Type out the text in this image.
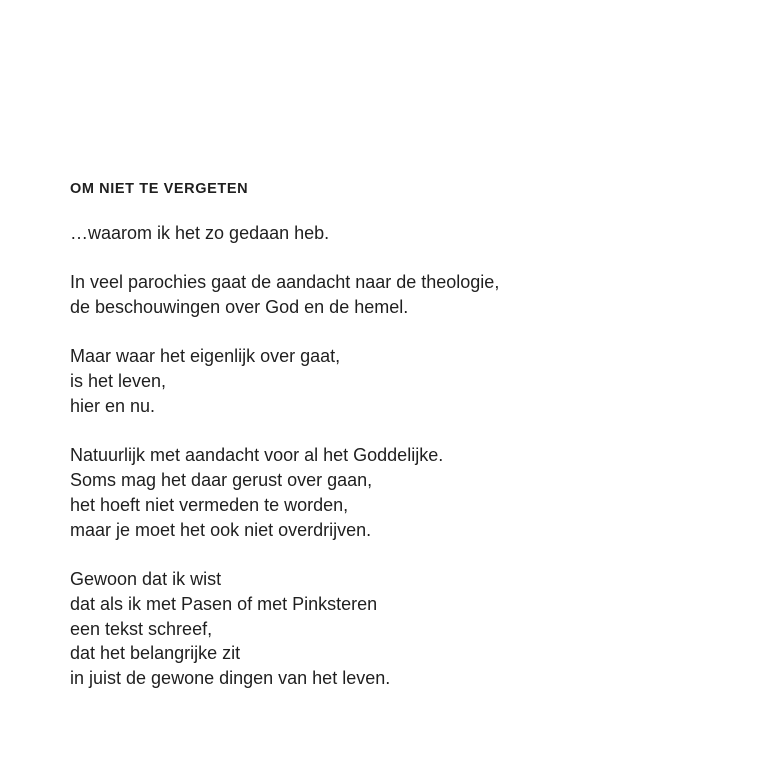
OM NIET TE VERGETEN
…waarom ik het zo gedaan heb.
In veel parochies gaat de aandacht naar de theologie,
de beschouwingen over God en de hemel.
Maar waar het eigenlijk over gaat,
is het leven,
hier en nu.
Natuurlijk met aandacht voor al het Goddelijke.
Soms mag het daar gerust over gaan,
het hoeft niet vermeden te worden,
maar je moet het ook niet overdrijven.
Gewoon dat ik wist
dat als ik met Pasen of met Pinksteren
een tekst schreef,
dat het belangrijke zit
in juist de gewone dingen van het leven.
